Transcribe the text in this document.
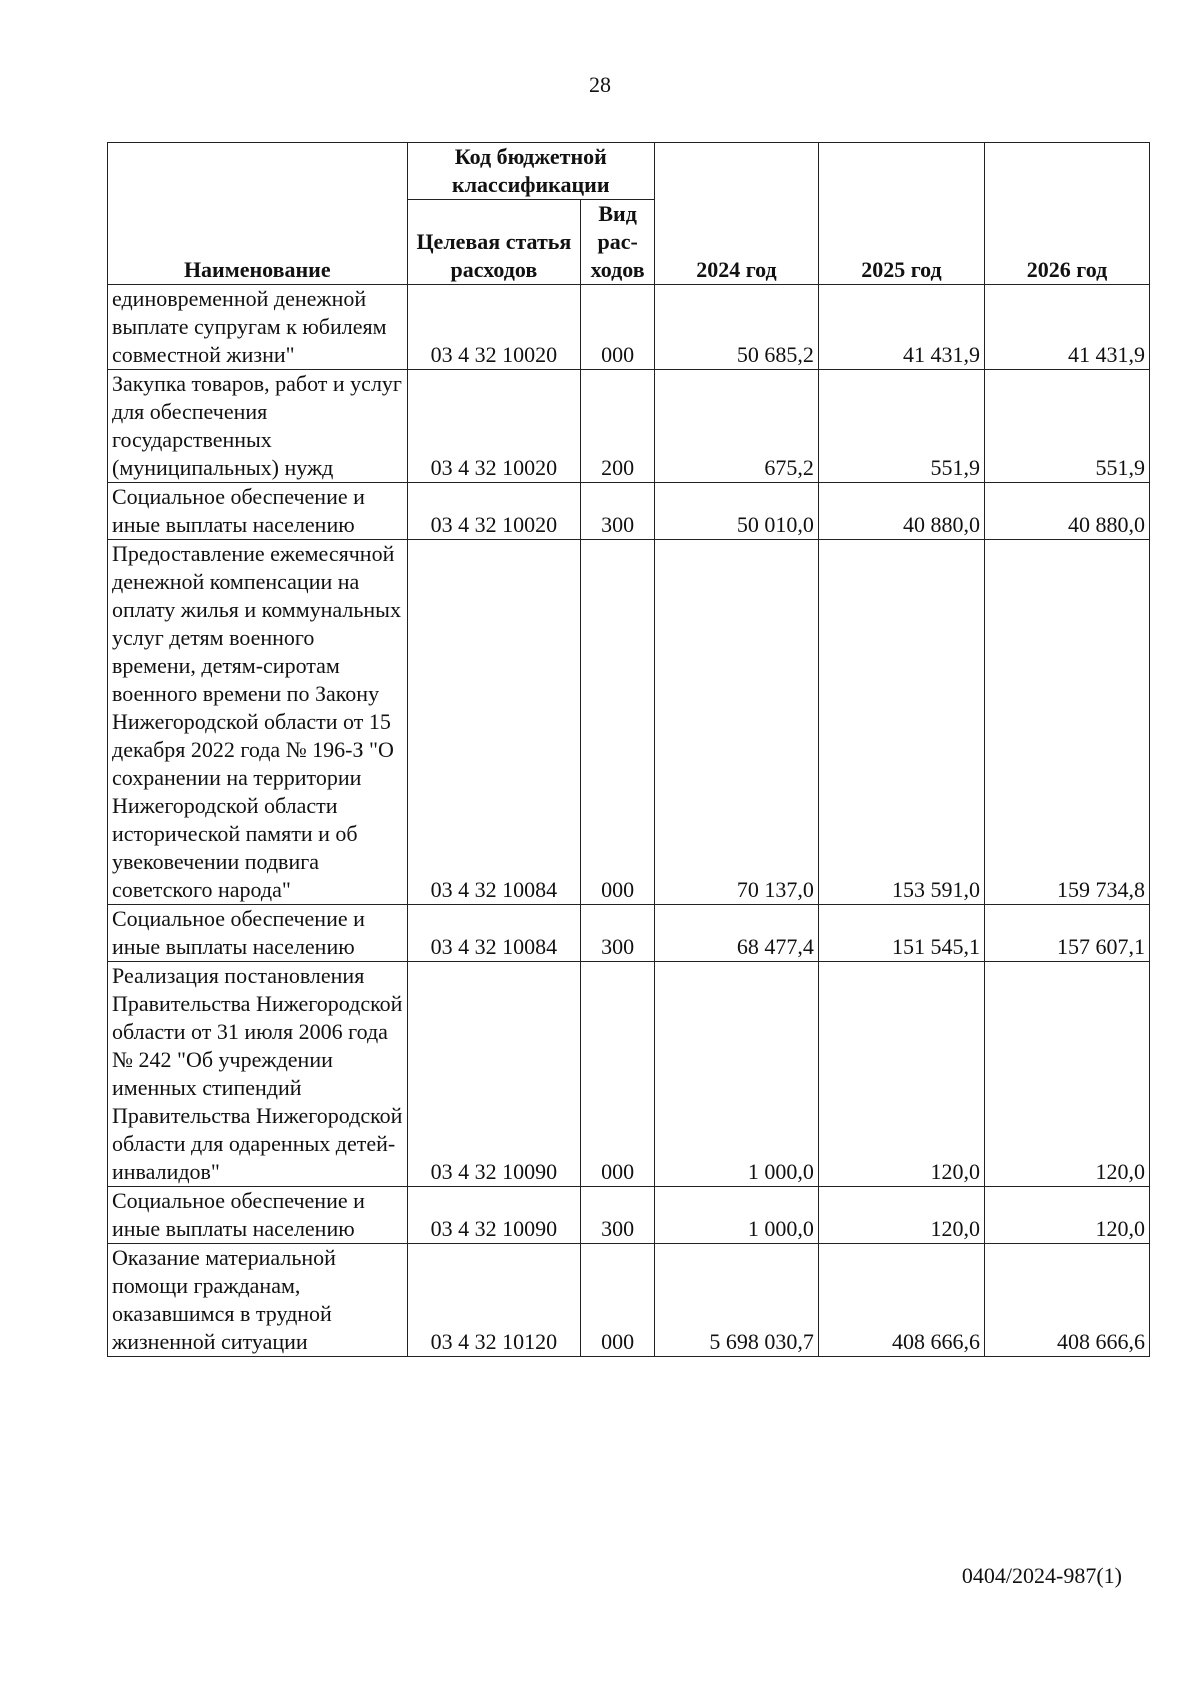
28
Наименование	Код бюджетной классификации		2024 год	2025 год	2026 год
	Целевая статья расходов	Вид рас-ходов			
единовременной денежной выплате супругам к юбилеям совместной жизни"	03 4 32 10020	000	50 685,2	41 431,9	41 431,9
Закупка товаров, работ и услуг для обеспечения государственных (муниципальных) нужд	03 4 32 10020	200	675,2	551,9	551,9
Социальное обеспечение и иные выплаты населению	03 4 32 10020	300	50 010,0	40 880,0	40 880,0
Предоставление ежемесячной денежной компенсации на оплату жилья и коммунальных услуг детям военного времени, детям-сиротам военного времени по Закону Нижегородской области от 15 декабря 2022 года № 196-З "О сохранении на территории Нижегородской области исторической памяти и об увековечении подвига советского народа"	03 4 32 10084	000	70 137,0	153 591,0	159 734,8
Социальное обеспечение и иные выплаты населению	03 4 32 10084	300	68 477,4	151 545,1	157 607,1
Реализация постановления Правительства Нижегородской области от 31 июля 2006 года № 242 "Об учреждении именных стипендий Правительства Нижегородской области для одаренных детей-инвалидов"	03 4 32 10090	000	1 000,0	120,0	120,0
Социальное обеспечение и иные выплаты населению	03 4 32 10090	300	1 000,0	120,0	120,0
Оказание материальной помощи гражданам, оказавшимся в трудной жизненной ситуации	03 4 32 10120	000	5 698 030,7	408 666,6	408 666,6
0404/2024-987(1)
